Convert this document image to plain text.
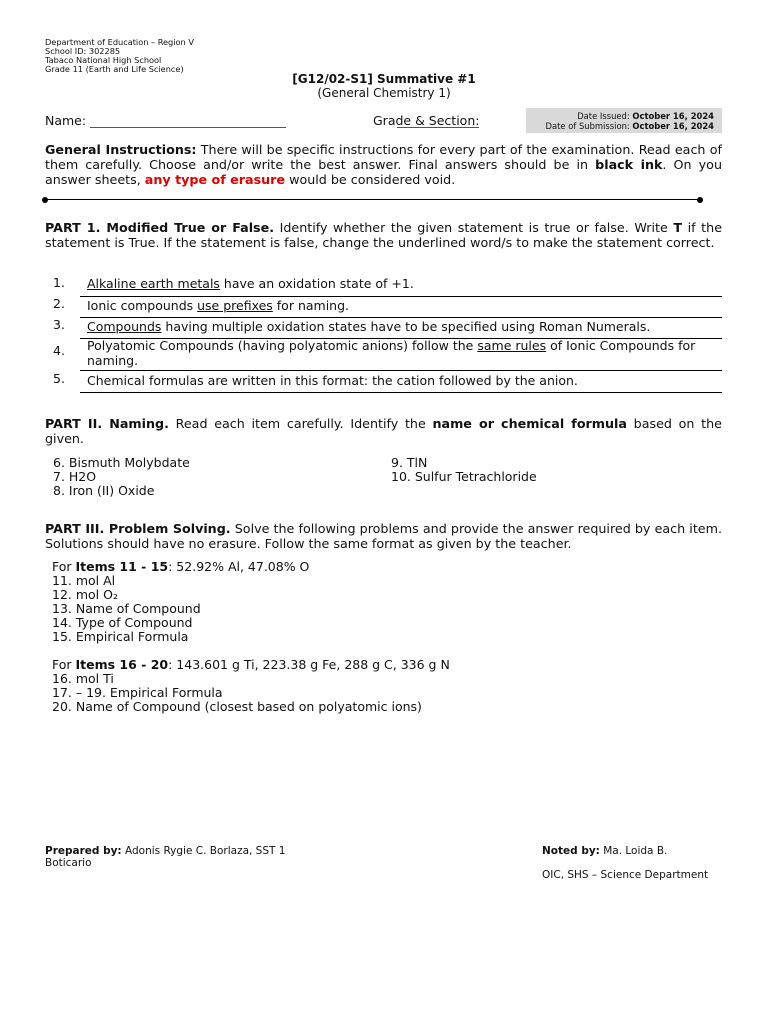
Department of Education – Region V
School ID: 302285
Tabaco National High School
Grade 11 (Earth and Life Science)
[G12/02-S1] Summative #1
(General Chemistry 1)
Name:	Grade & Section:	Date Issued: October 16, 2024
Date of Submission: October 16, 2024
General Instructions: There will be specific instructions for every part of the examination. Read each of them carefully. Choose and/or write the best answer. Final answers should be in black ink. On you answer sheets, any type of erasure would be considered void.
PART 1. Modified True or False. Identify whether the given statement is true or false. Write T if the statement is True. If the statement is false, change the underlined word/s to make the statement correct.
1. Alkaline earth metals have an oxidation state of +1.
2. Ionic compounds use prefixes for naming.
3. Compounds having multiple oxidation states have to be specified using Roman Numerals.
4. Polyatomic Compounds (having polyatomic anions) follow the same rules of Ionic Compounds for naming.
5. Chemical formulas are written in this format: the cation followed by the anion.
PART II. Naming. Read each item carefully. Identify the name or chemical formula based on the given.
6. Bismuth Molybdate
7. H2O
8. Iron (II) Oxide
9. TlN
10. Sulfur Tetrachloride
PART III. Problem Solving. Solve the following problems and provide the answer required by each item. Solutions should have no erasure. Follow the same format as given by the teacher.
For Items 11 - 15: 52.92% Al, 47.08% O
11. mol Al
12. mol O₂
13. Name of Compound
14. Type of Compound
15. Empirical Formula
For Items 16 - 20: 143.601 g Ti, 223.38 g Fe, 288 g C, 336 g N
16. mol Ti
17. – 19. Empirical Formula
20. Name of Compound (closest based on polyatomic ions)
Prepared by: Adonis Rygie C. Borlaza, SST 1
Boticario
Noted by: Ma. Loida B.
OIC, SHS – Science Department
